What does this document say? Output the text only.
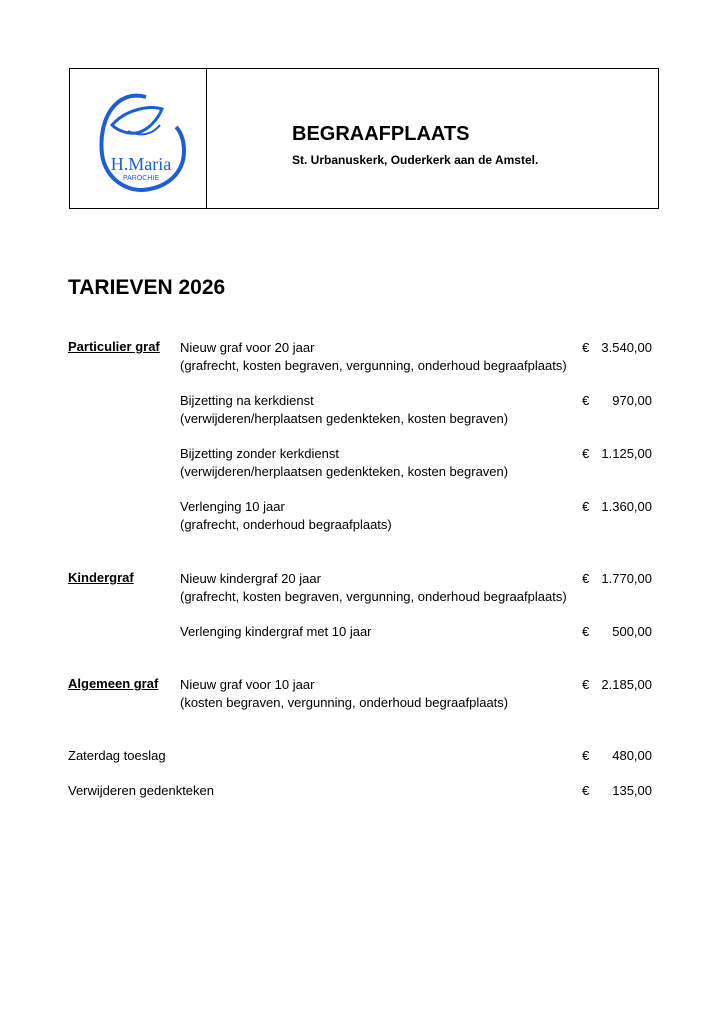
H.Maria
PAROCHIE
BEGRAAFPLAATS
St. Urbanuskerk, Ouderkerk aan de Amstel.
TARIEVEN 2026
Particulier graf Nieuw graf voor 20 jaar
(grafrecht, kosten begraven, vergunning, onderhoud begraafplaats)
€ 3.540,00
Bijzetting na kerkdienst
(verwijderen/herplaatsen gedenkteken, kosten begraven)
€ 970,00
Bijzetting zonder kerkdienst
(verwijderen/herplaatsen gedenkteken, kosten begraven)
€ 1.125,00
Verlenging 10 jaar
(grafrecht, onderhoud begraafplaats)
€ 1.360,00
Kindergraf	Nieuw kindergraf 20 jaar
(grafrecht, kosten begraven, vergunning, onderhoud begraafplaats)
€ 1.770,00
Verlenging kindergraf met 10 jaar	€ 500,00
Algemeen graf Nieuw graf voor 10 jaar
(kosten begraven, vergunning, onderhoud begraafplaats)
€ 2.185,00
Zaterdag toeslag	€ 480,00
Verwijderen gedenkteken	€ 135,00
